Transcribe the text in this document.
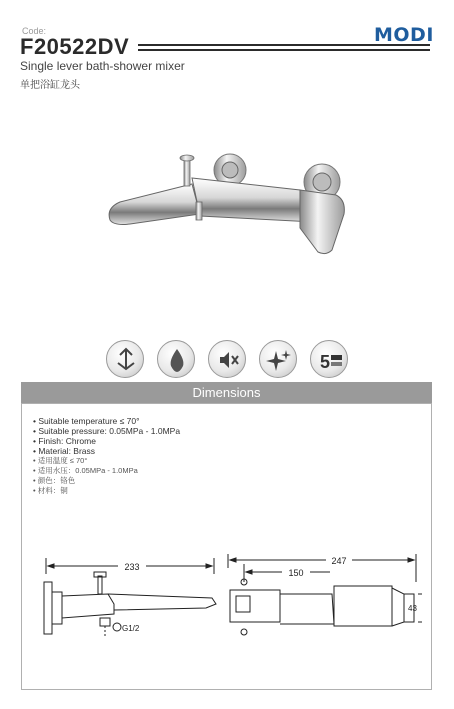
Code:
F20522DV	MODI
Single lever bath-shower mixer
单把浴缸龙头
5
Dimensions
• Suitable temperature ≤ 70°
• Suitable pressure: 0.05MPa - 1.0MPa
• Finish: Chrome
• Material: Brass
• 适用温度 ≤ 70°
• 适用水压：0.05MPa - 1.0MPa
• 颜色：铬色
• 材料：铜
233
G1/2
247
150
43
